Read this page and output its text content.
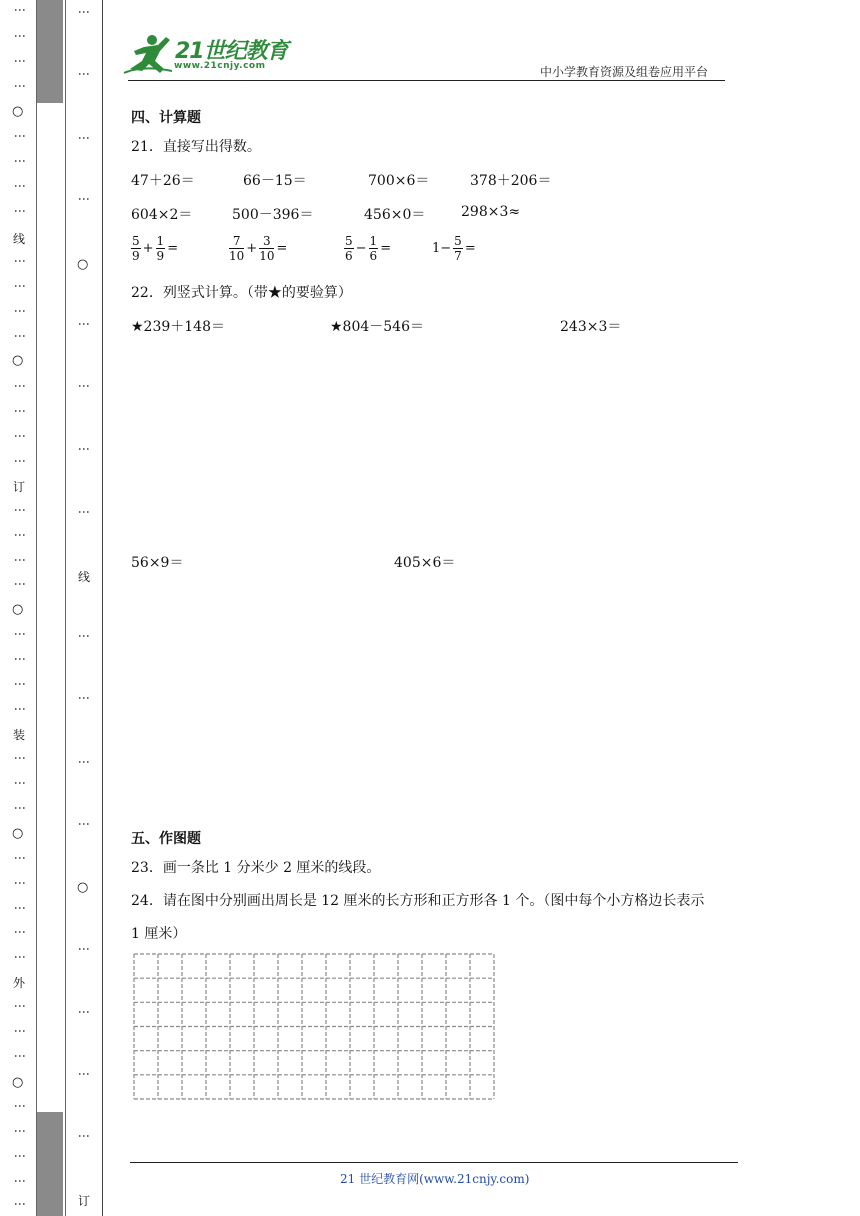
⋮
⋮
⋮
⋮
○
⋮
⋮
⋮
⋮
线
⋮
⋮
⋮
⋮
○
⋮
⋮
⋮
⋮
订
⋮
⋮
⋮
⋮
○
⋮
⋮
⋮
⋮
装
⋮
⋮
⋮
○
⋮
⋮
⋮
⋮
⋮
外
⋮
⋮
⋮
○
⋮
⋮
⋮
⋮
⋮
⋮
⋮
⋮
⋮
○
⋮
⋮
⋮
⋮
线
⋮
⋮
⋮
⋮
○
⋮
⋮
⋮
⋮
订
21世纪教育
www.21cnjy.com	中小学教育资源及组卷应用平台
四、计算题
21．直接写出得数。
47＋26＝	66－15＝	700×6＝	378＋206＝
604×2＝	500－396＝	456×0＝	298×3≈
$\frac{5}{9} + \frac{1}{9}$ =	$\frac{7}{10} + \frac{3}{10}$ =	$\frac{5}{6} - \frac{1}{6}$ =	$1- \frac{5}{7}$ =
22．列竖式计算。（带★的要验算）
★239＋148＝	★804－546＝	243×3＝
56×9＝	405×6＝
五、作图题
23．画一条比 1 分米少 2 厘米的线段。
24．请在图中分别画出周长是 12 厘米的长方形和正方形各 1 个。（图中每个小方格边长表示
1 厘米）
21 世纪教育网(www.21cnjy.com)
